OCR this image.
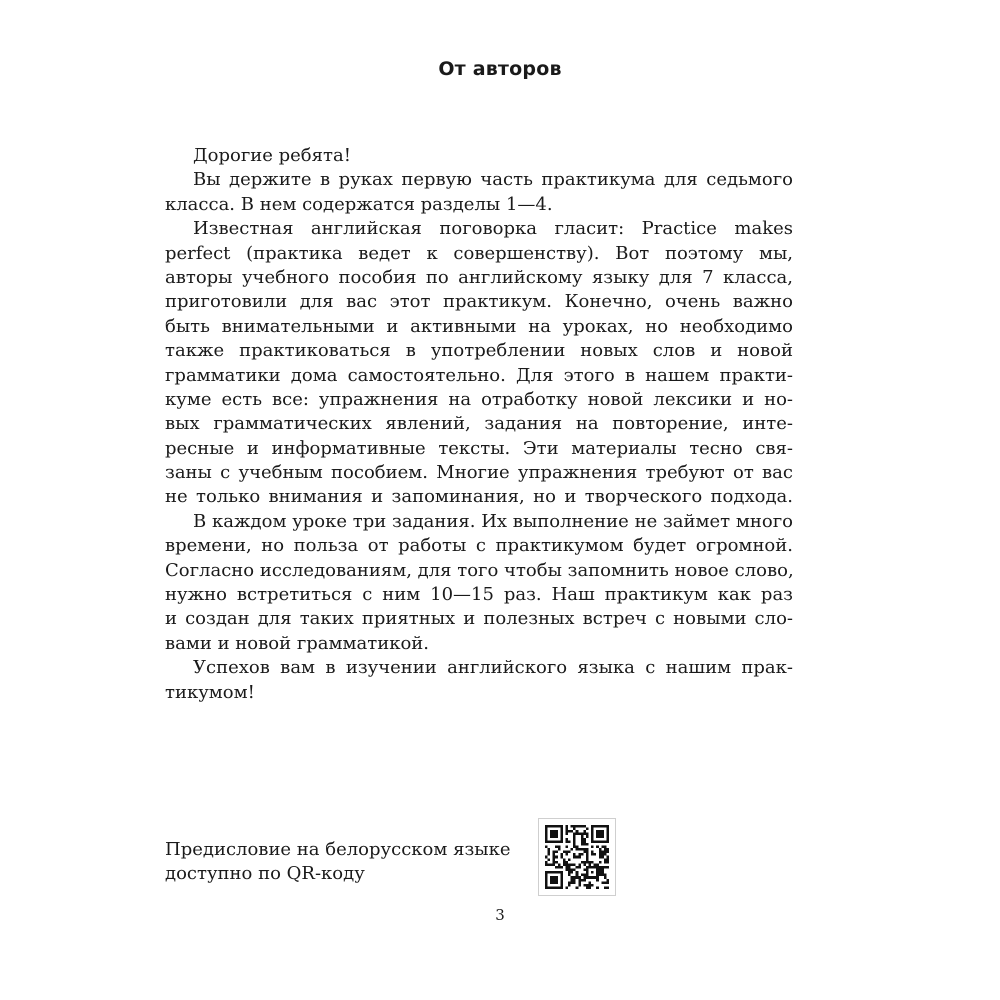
От авторов
Дорогие ребята!
Вы держите в руках первую часть практикума для седьмого
класса. В нем содержатся разделы 1—4.
Известная английская поговорка гласит: Practice makes
perfect (практика ведет к совершенству). Вот поэтому мы,
авторы учебного пособия по английскому языку для 7 класса,
приготовили для вас этот практикум. Конечно, очень важно
быть внимательными и активными на уроках, но необходимо
также практиковаться в употреблении новых слов и новой
грамматики дома самостоятельно. Для этого в нашем практи-
куме есть все: упражнения на отработку новой лексики и но-
вых грамматических явлений, задания на повторение, инте-
ресные и информативные тексты. Эти материалы тесно свя-
заны с учебным пособием. Многие упражнения требуют от вас
не только внимания и запоминания, но и творческого подхода.
В каждом уроке три задания. Их выполнение не займет много
времени, но польза от работы с практикумом будет огромной.
Согласно исследованиям, для того чтобы запомнить новое слово,
нужно встретиться с ним 10—15 раз. Наш практикум как раз
и создан для таких приятных и полезных встреч с новыми сло-
вами и новой грамматикой.
Успехов вам в изучении английского языка с нашим прак-
тикумом!
Предисловие на белорусском языке
доступно по QR-коду
3
